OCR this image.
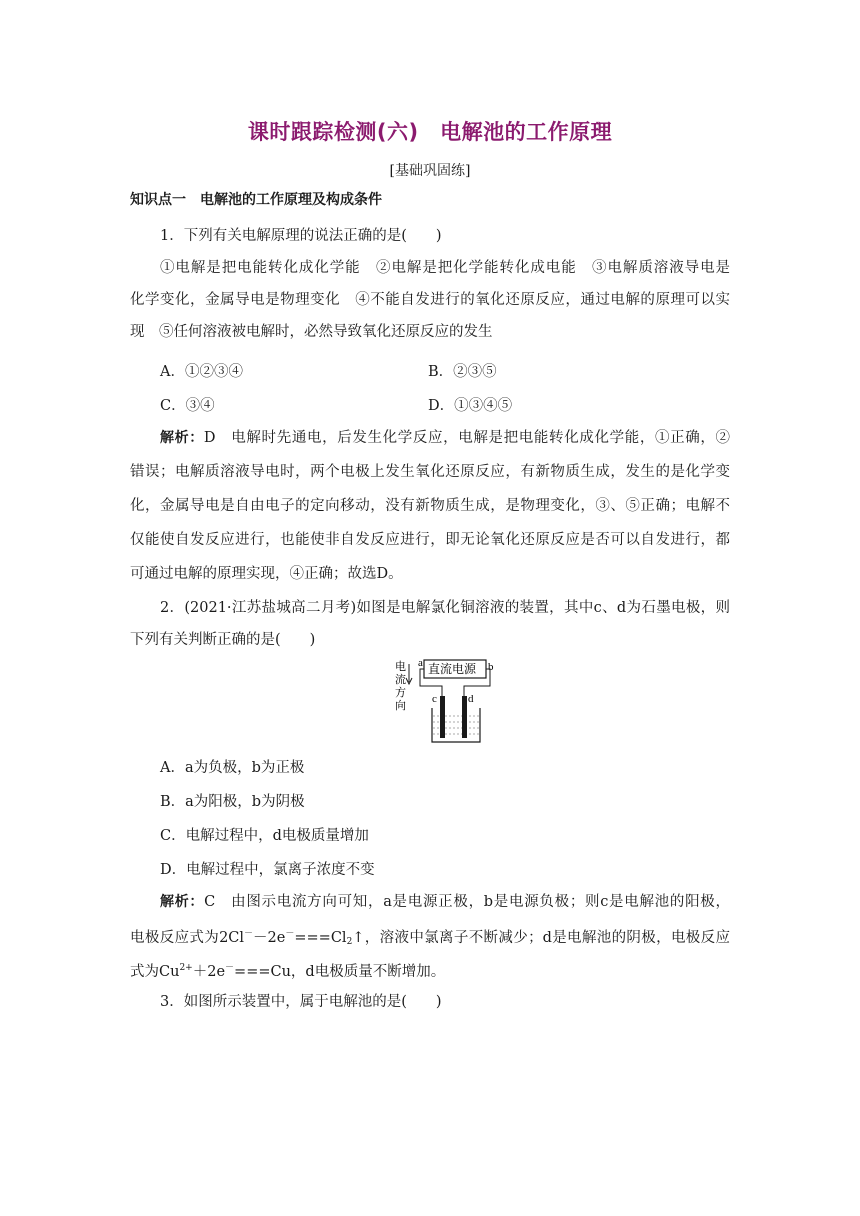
课时跟踪检测(六)　电解池的工作原理
[基础巩固练]
知识点一　电解池的工作原理及构成条件
1．下列有关电解原理的说法正确的是(　　)
①电解是把电能转化成化学能　②电解是把化学能转化成电能　③电解质溶液导电是
化学变化，金属导电是物理变化　④不能自发进行的氧化还原反应，通过电解的原理可以实
现　⑤任何溶液被电解时，必然导致氧化还原反应的发生
A．①②③④	B．②③⑤
C．③④	D．①③④⑤
解析：D　电解时先通电，后发生化学反应，电解是把电能转化成化学能，①正确，②
错误；电解质溶液导电时，两个电极上发生氧化还原反应，有新物质生成，发生的是化学变
化，金属导电是自由电子的定向移动，没有新物质生成，是物理变化，③、⑤正确；电解不
仅能使自发反应进行，也能使非自发反应进行，即无论氧化还原反应是否可以自发进行，都
可通过电解的原理实现，④正确；故选D。
2．(2021·江苏盐城高二月考)如图是电解氯化铜溶液的装置，其中c、d为石墨电极，则
下列有关判断正确的是(　　)
电
流
方
向
直流电源
a	b
c	d
A．a为负极，b为正极
B．a为阳极，b为阴极
C．电解过程中，d电极质量增加
D．电解过程中，氯离子浓度不变
解析：C　由图示电流方向可知，a是电源正极，b是电源负极；则c是电解池的阳极，
电极反应式为$2Cl^--2e^-===Cl_2↑$，溶液中氯离子不断减少；d是电解池的阴极，电极反应
式为$Cu^{2+}+2e^-===Cu$，d电极质量不断增加。
3．如图所示装置中，属于电解池的是(　　)
